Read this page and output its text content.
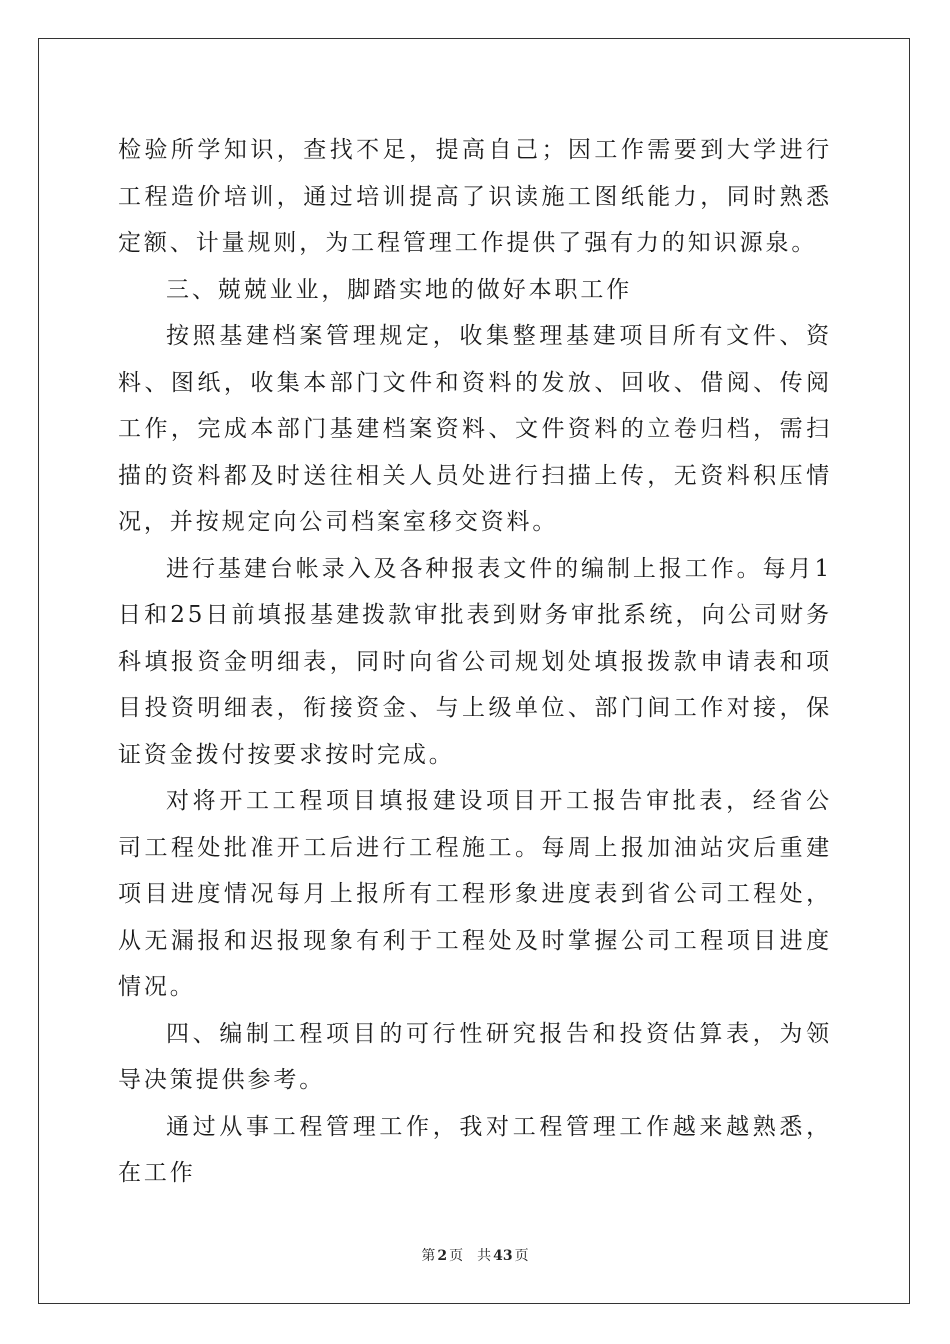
检验所学知识，查找不足，提高自己；因工作需要到大学进行工程造价培训，通过培训提高了识读施工图纸能力，同时熟悉定额、计量规则，为工程管理工作提供了强有力的知识源泉。

三、兢兢业业，脚踏实地的做好本职工作

按照基建档案管理规定，收集整理基建项目所有文件、资料、图纸，收集本部门文件和资料的发放、回收、借阅、传阅工作，完成本部门基建档案资料、文件资料的立卷归档，需扫描的资料都及时送往相关人员处进行扫描上传，无资料积压情况，并按规定向公司档案室移交资料。

进行基建台帐录入及各种报表文件的编制上报工作。每月1日和25日前填报基建拨款审批表到财务审批系统，向公司财务科填报资金明细表，同时向省公司规划处填报拨款申请表和项目投资明细表，衔接资金、与上级单位、部门间工作对接，保证资金拨付按要求按时完成。

对将开工工程项目填报建设项目开工报告审批表，经省公司工程处批准开工后进行工程施工。每周上报加油站灾后重建项目进度情况每月上报所有工程形象进度表到省公司工程处，从无漏报和迟报现象有利于工程处及时掌握公司工程项目进度情况。

四、编制工程项目的可行性研究报告和投资估算表，为领导决策提供参考。

通过从事工程管理工作，我对工程管理工作越来越熟悉，在工作

第 2 页 共 43 页
